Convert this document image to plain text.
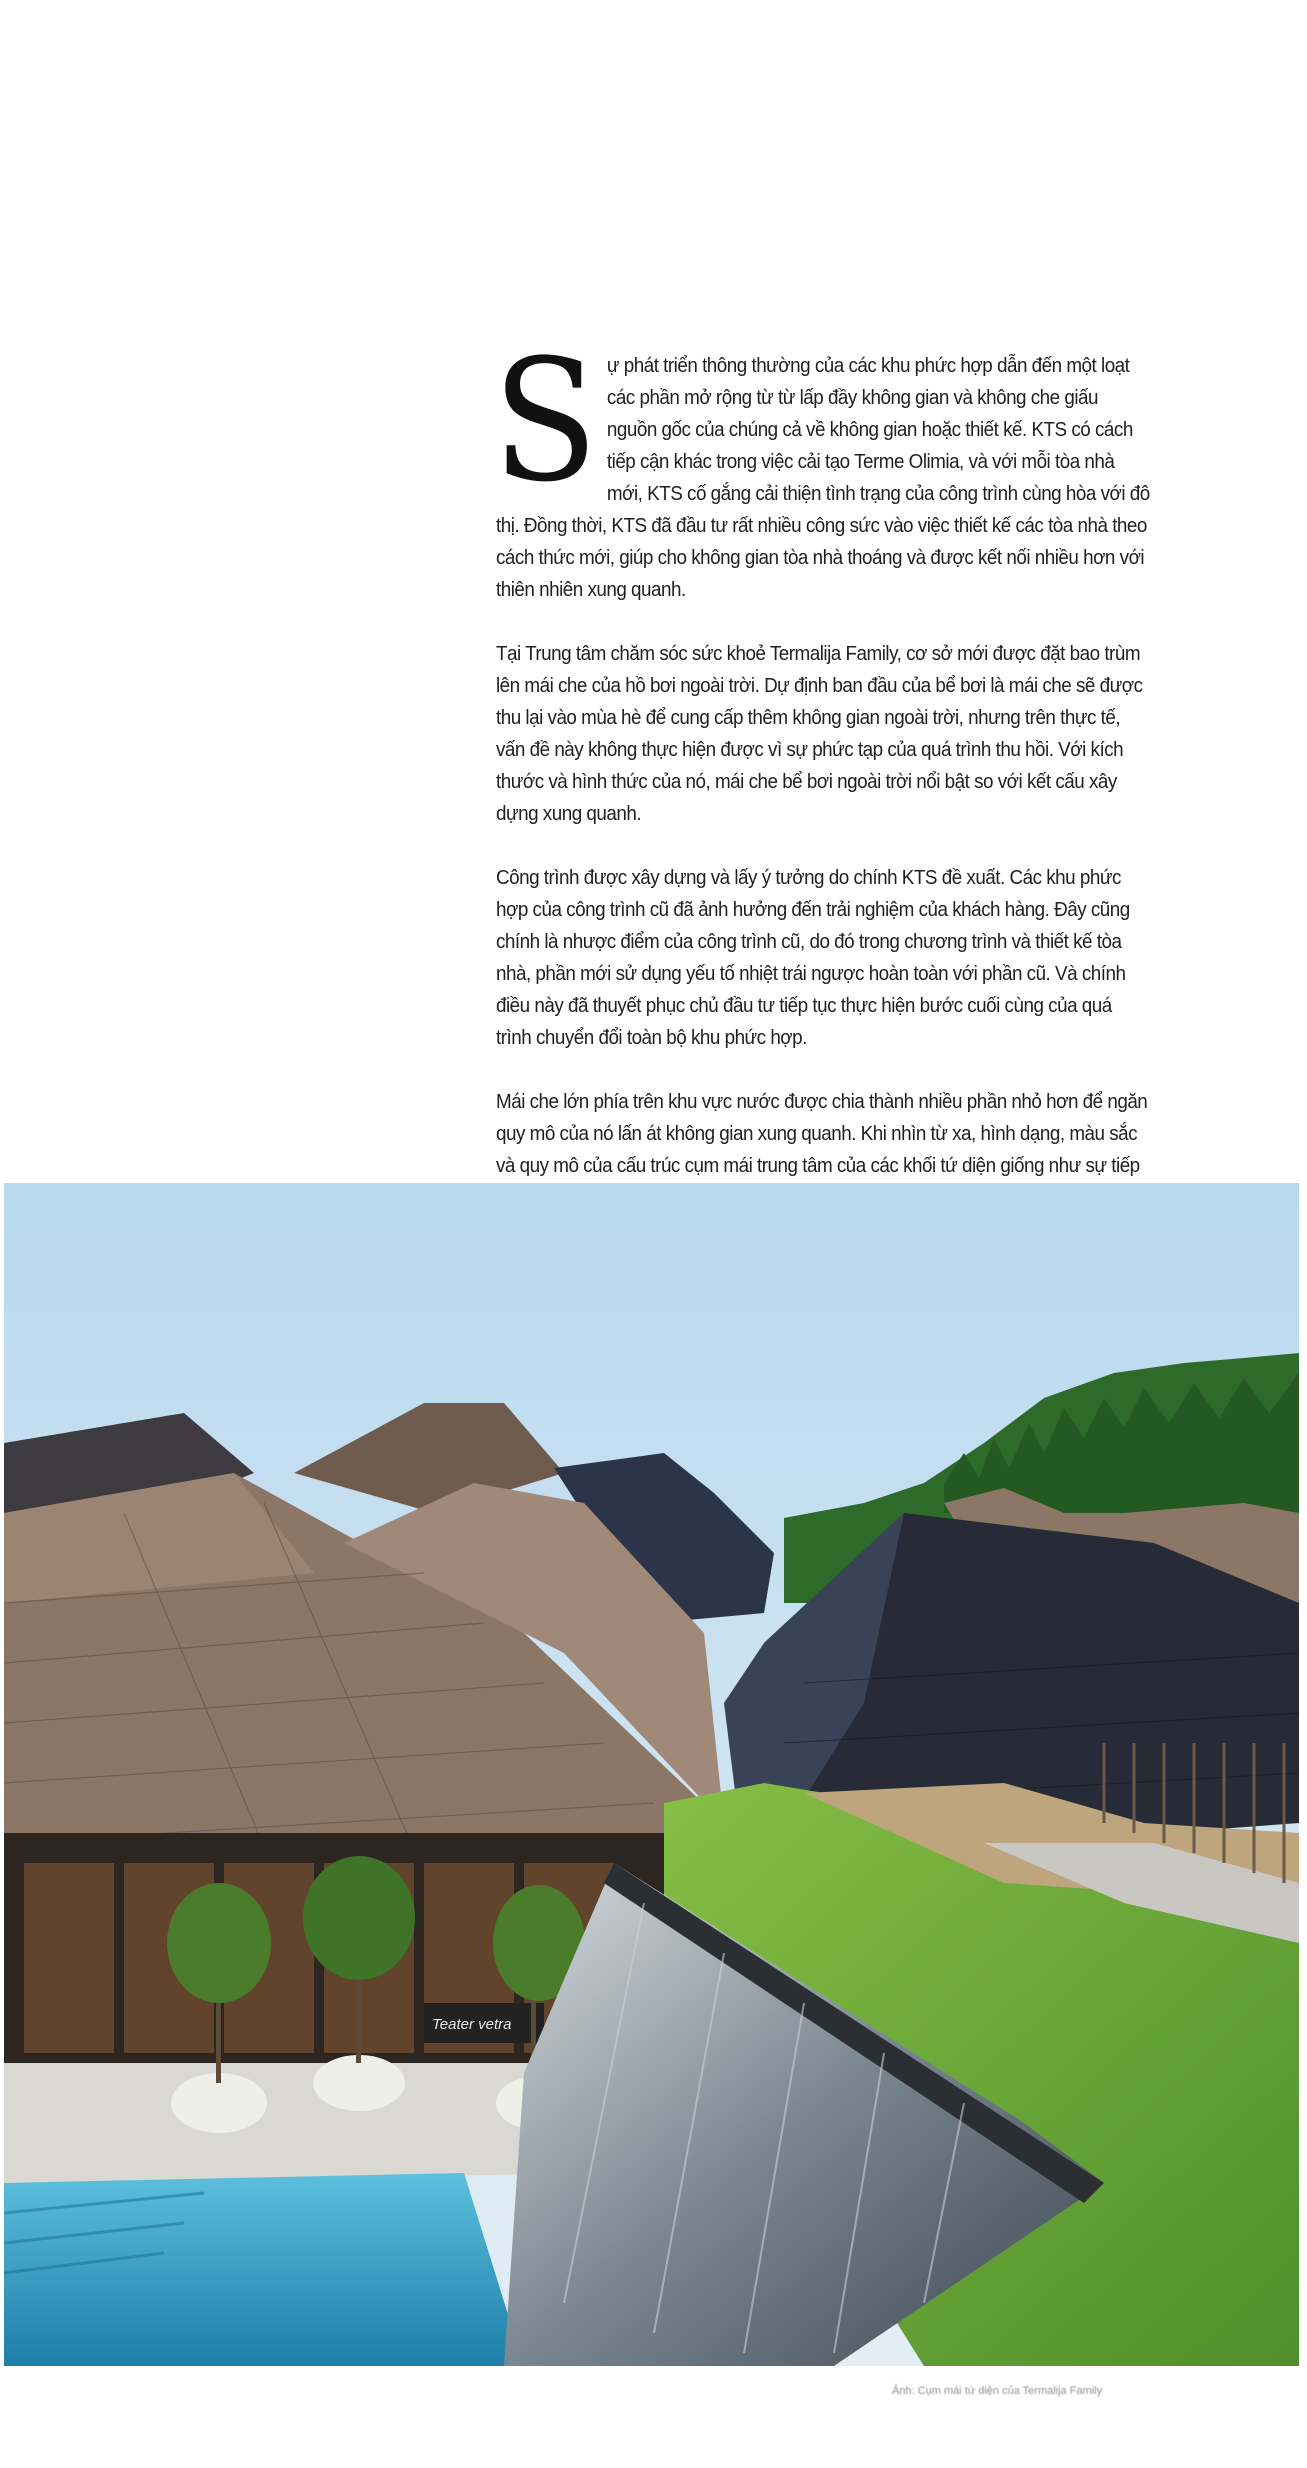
Sự phát triển thông thường của các khu phức hợp dẫn đến một loạt các phần mở rộng từ từ lấp đầy không gian và không che giấu nguồn gốc của chúng cả về không gian hoặc thiết kế. KTS có cách tiếp cận khác trong việc cải tạo Terme Olimia, và với mỗi tòa nhà mới, KTS cố gắng cải thiện tình trạng của công trình cùng hòa với đô thị. Đồng thời, KTS đã đầu tư rất nhiều công sức vào việc thiết kế các tòa nhà theo cách thức mới, giúp cho không gian tòa nhà thoáng và được kết nối nhiều hơn với thiên nhiên xung quanh.

Tại Trung tâm chăm sóc sức khoẻ Termalija Family, cơ sở mới được đặt bao trùm lên mái che của hồ bơi ngoài trời. Dự định ban đầu của bể bơi là mái che sẽ được thu lại vào mùa hè để cung cấp thêm không gian ngoài trời, nhưng trên thực tế, vấn đề này không thực hiện được vì sự phức tạp của quá trình thu hồi. Với kích thước và hình thức của nó, mái che bể bơi ngoài trời nổi bật so với kết cấu xây dựng xung quanh.

Công trình được xây dựng và lấy ý tưởng do chính KTS đề xuất. Các khu phức hợp của công trình cũ đã ảnh hưởng đến trải nghiệm của khách hàng. Đây cũng chính là nhược điểm của công trình cũ, do đó trong chương trình và thiết kế tòa nhà, phần mới sử dụng yếu tố nhiệt trái ngược hoàn toàn với phần cũ. Và chính điều này đã thuyết phục chủ đầu tư tiếp tục thực hiện bước cuối cùng của quá trình chuyển đổi toàn bộ khu phức hợp.

Mái che lớn phía trên khu vực nước được chia thành nhiều phần nhỏ hơn để ngăn quy mô của nó lấn át không gian xung quanh. Khi nhìn từ xa, hình dạng, màu sắc và quy mô của cấu trúc cụm mái trung tâm của các khối tứ diện giống như sự tiếp

Teater vetra
Ảnh: Cụm mái tứ diện của Termalija Family
